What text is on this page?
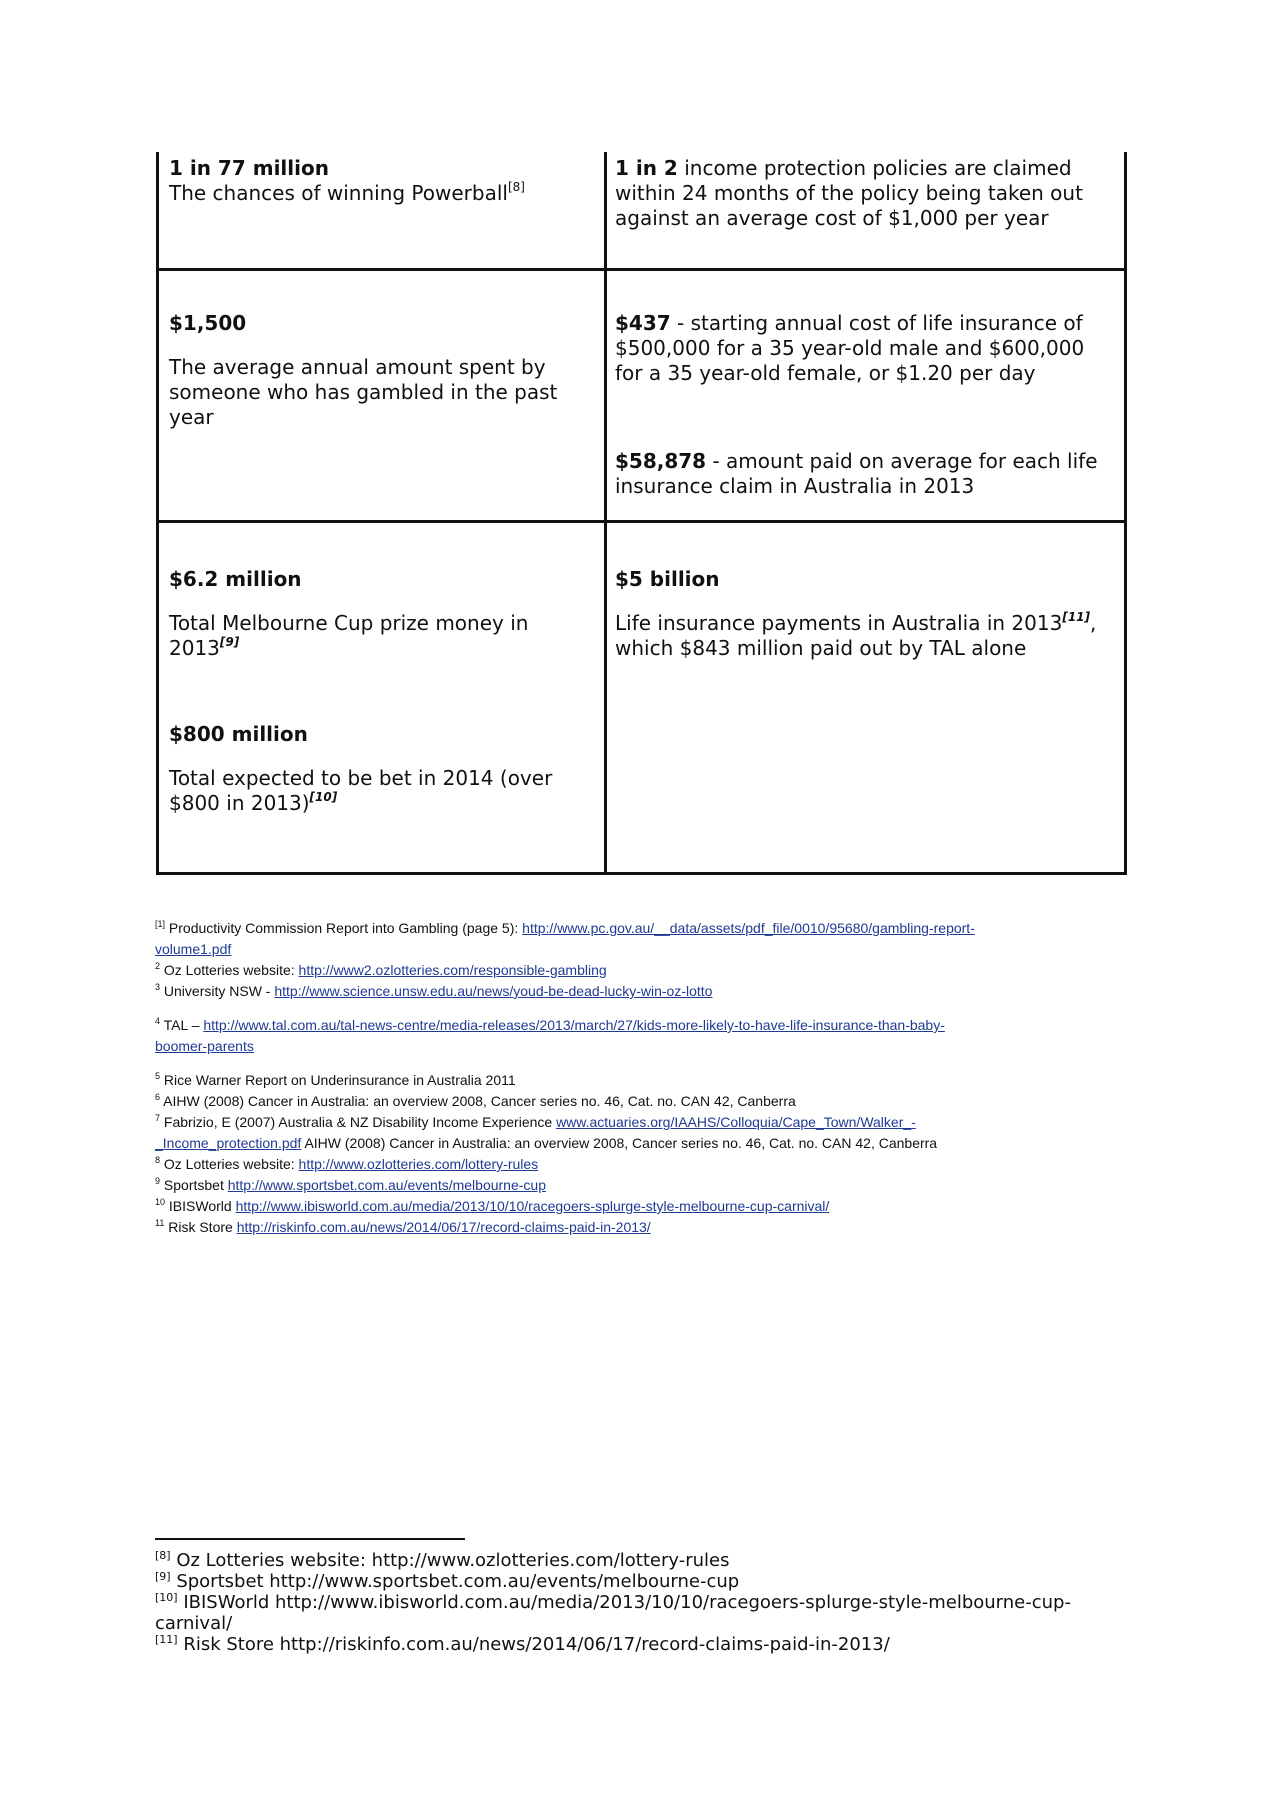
1 in 77 million
The chances of winning Powerball[8]
1 in 2 income protection policies are claimed within 24 months of the policy being taken out against an average cost of $1,000 per year
$1,500
The average annual amount spent by someone who has gambled in the past year
$437 - starting annual cost of life insurance of $500,000 for a 35 year-old male and $600,000 for a 35 year-old female, or $1.20 per day
$58,878 - amount paid on average for each life insurance claim in Australia in 2013
$6.2 million
Total Melbourne Cup prize money in 2013[9]
$800 million
Total expected to be bet in 2014 (over $800 in 2013)[10]
$5 billion
Life insurance payments in Australia in 2013[11], which $843 million paid out by TAL alone
[1] Productivity Commission Report into Gambling (page 5): http://www.pc.gov.au/__data/assets/pdf_file/0010/95680/gambling-report-
volume1.pdf
$^2$ Oz Lotteries website: http://www2.ozlotteries.com/responsible-gambling
$^3$ University NSW - http://www.science.unsw.edu.au/news/youd-be-dead-lucky-win-oz-lotto
$^4$ TAL – http://www.tal.com.au/tal-news-centre/media-releases/2013/march/27/kids-more-likely-to-have-life-insurance-than-baby-
boomer-parents
$^5$ Rice Warner Report on Underinsurance in Australia 2011
$^6$ AIHW (2008) Cancer in Australia: an overview 2008, Cancer series no. 46, Cat. no. CAN 42, Canberra
$^7$ Fabrizio, E (2007) Australia & NZ Disability Income Experience www.actuaries.org/IAAHS/Colloquia/Cape_Town/Walker_-
_Income_protection.pdf AIHW (2008) Cancer in Australia: an overview 2008, Cancer series no. 46, Cat. no. CAN 42, Canberra
$^8$ Oz Lotteries website: http://www.ozlotteries.com/lottery-rules
$^9$ Sportsbet http://www.sportsbet.com.au/events/melbourne-cup
$^{10}$ IBISWorld http://www.ibisworld.com.au/media/2013/10/10/racegoers-splurge-style-melbourne-cup-carnival/
$^{11}$ Risk Store http://riskinfo.com.au/news/2014/06/17/record-claims-paid-in-2013/
[8] Oz Lotteries website: http://www.ozlotteries.com/lottery-rules
[9] Sportsbet http://www.sportsbet.com.au/events/melbourne-cup
[10] IBISWorld http://www.ibisworld.com.au/media/2013/10/10/racegoers-splurge-style-melbourne-cup-
carnival/
[11] Risk Store http://riskinfo.com.au/news/2014/06/17/record-claims-paid-in-2013/
